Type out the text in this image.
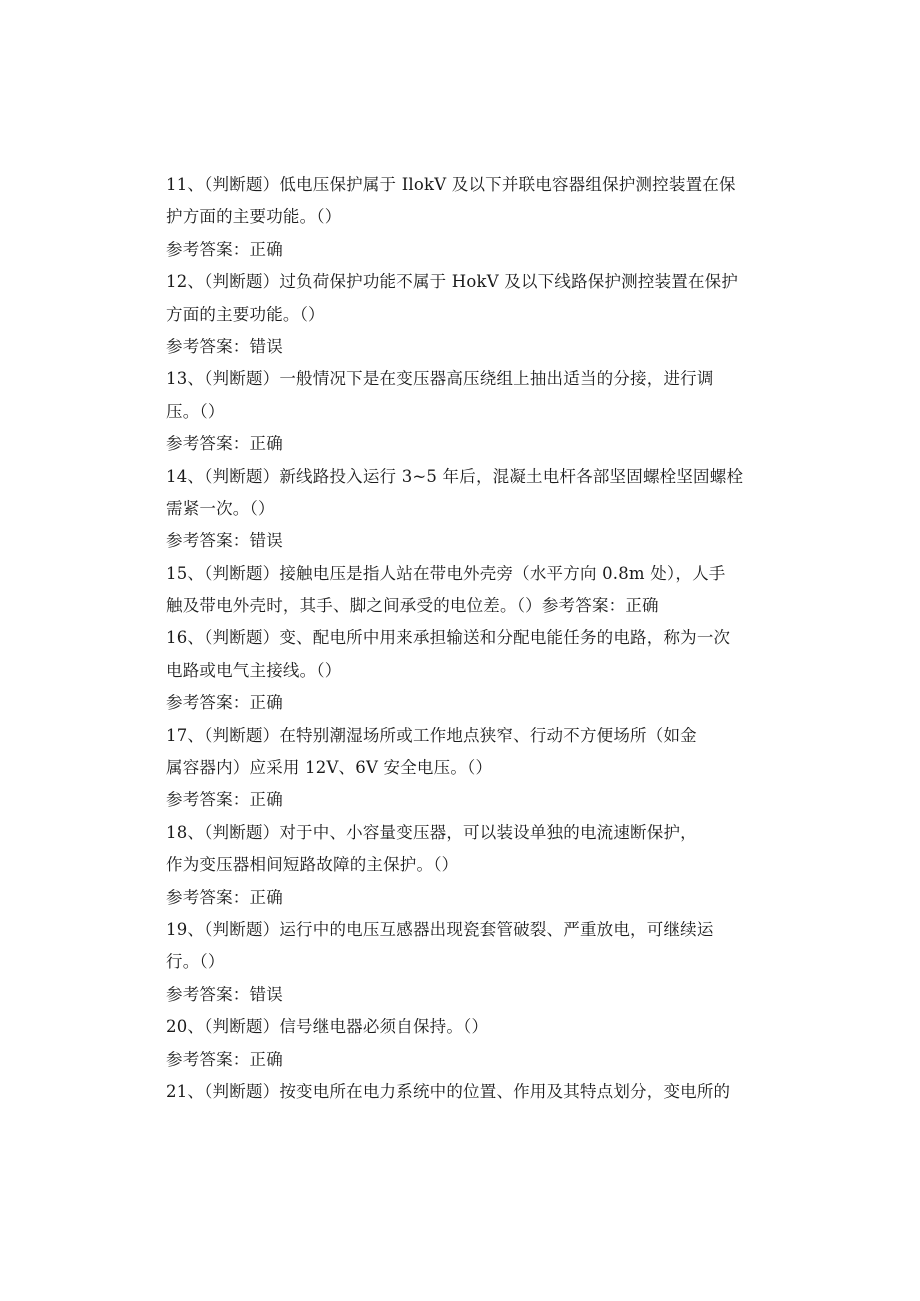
11、（判断题）低电压保护属于 IlokV 及以下并联电容器组保护测控装置在保
护方面的主要功能。（）
参考答案：正确
12、（判断题）过负荷保护功能不属于 HokV 及以下线路保护测控装置在保护
方面的主要功能。（）
参考答案：错误
13、（判断题）一般情况下是在变压器高压绕组上抽出适当的分接，进行调
压。（）
参考答案：正确
14、（判断题）新线路投入运行 3~5 年后，混凝土电杆各部坚固螺栓坚固螺栓
需紧一次。（）
参考答案：错误
15、（判断题）接触电压是指人站在带电外壳旁（水平方向 0.8m 处），人手
触及带电外壳时，其手、脚之间承受的电位差。（）参考答案：正确
16、（判断题）变、配电所中用来承担输送和分配电能任务的电路，称为一次
电路或电气主接线。（）
参考答案：正确
17、（判断题）在特别潮湿场所或工作地点狭窄、行动不方便场所（如金
属容器内）应采用 12V、6V 安全电压。（）
参考答案：正确
18、（判断题）对于中、小容量变压器，可以装设单独的电流速断保护，
作为变压器相间短路故障的主保护。（）
参考答案：正确
19、（判断题）运行中的电压互感器出现瓷套管破裂、严重放电，可继续运
行。（）
参考答案：错误
20、（判断题）信号继电器必须自保持。（）
参考答案：正确
21、（判断题）按变电所在电力系统中的位置、作用及其特点划分，变电所的
